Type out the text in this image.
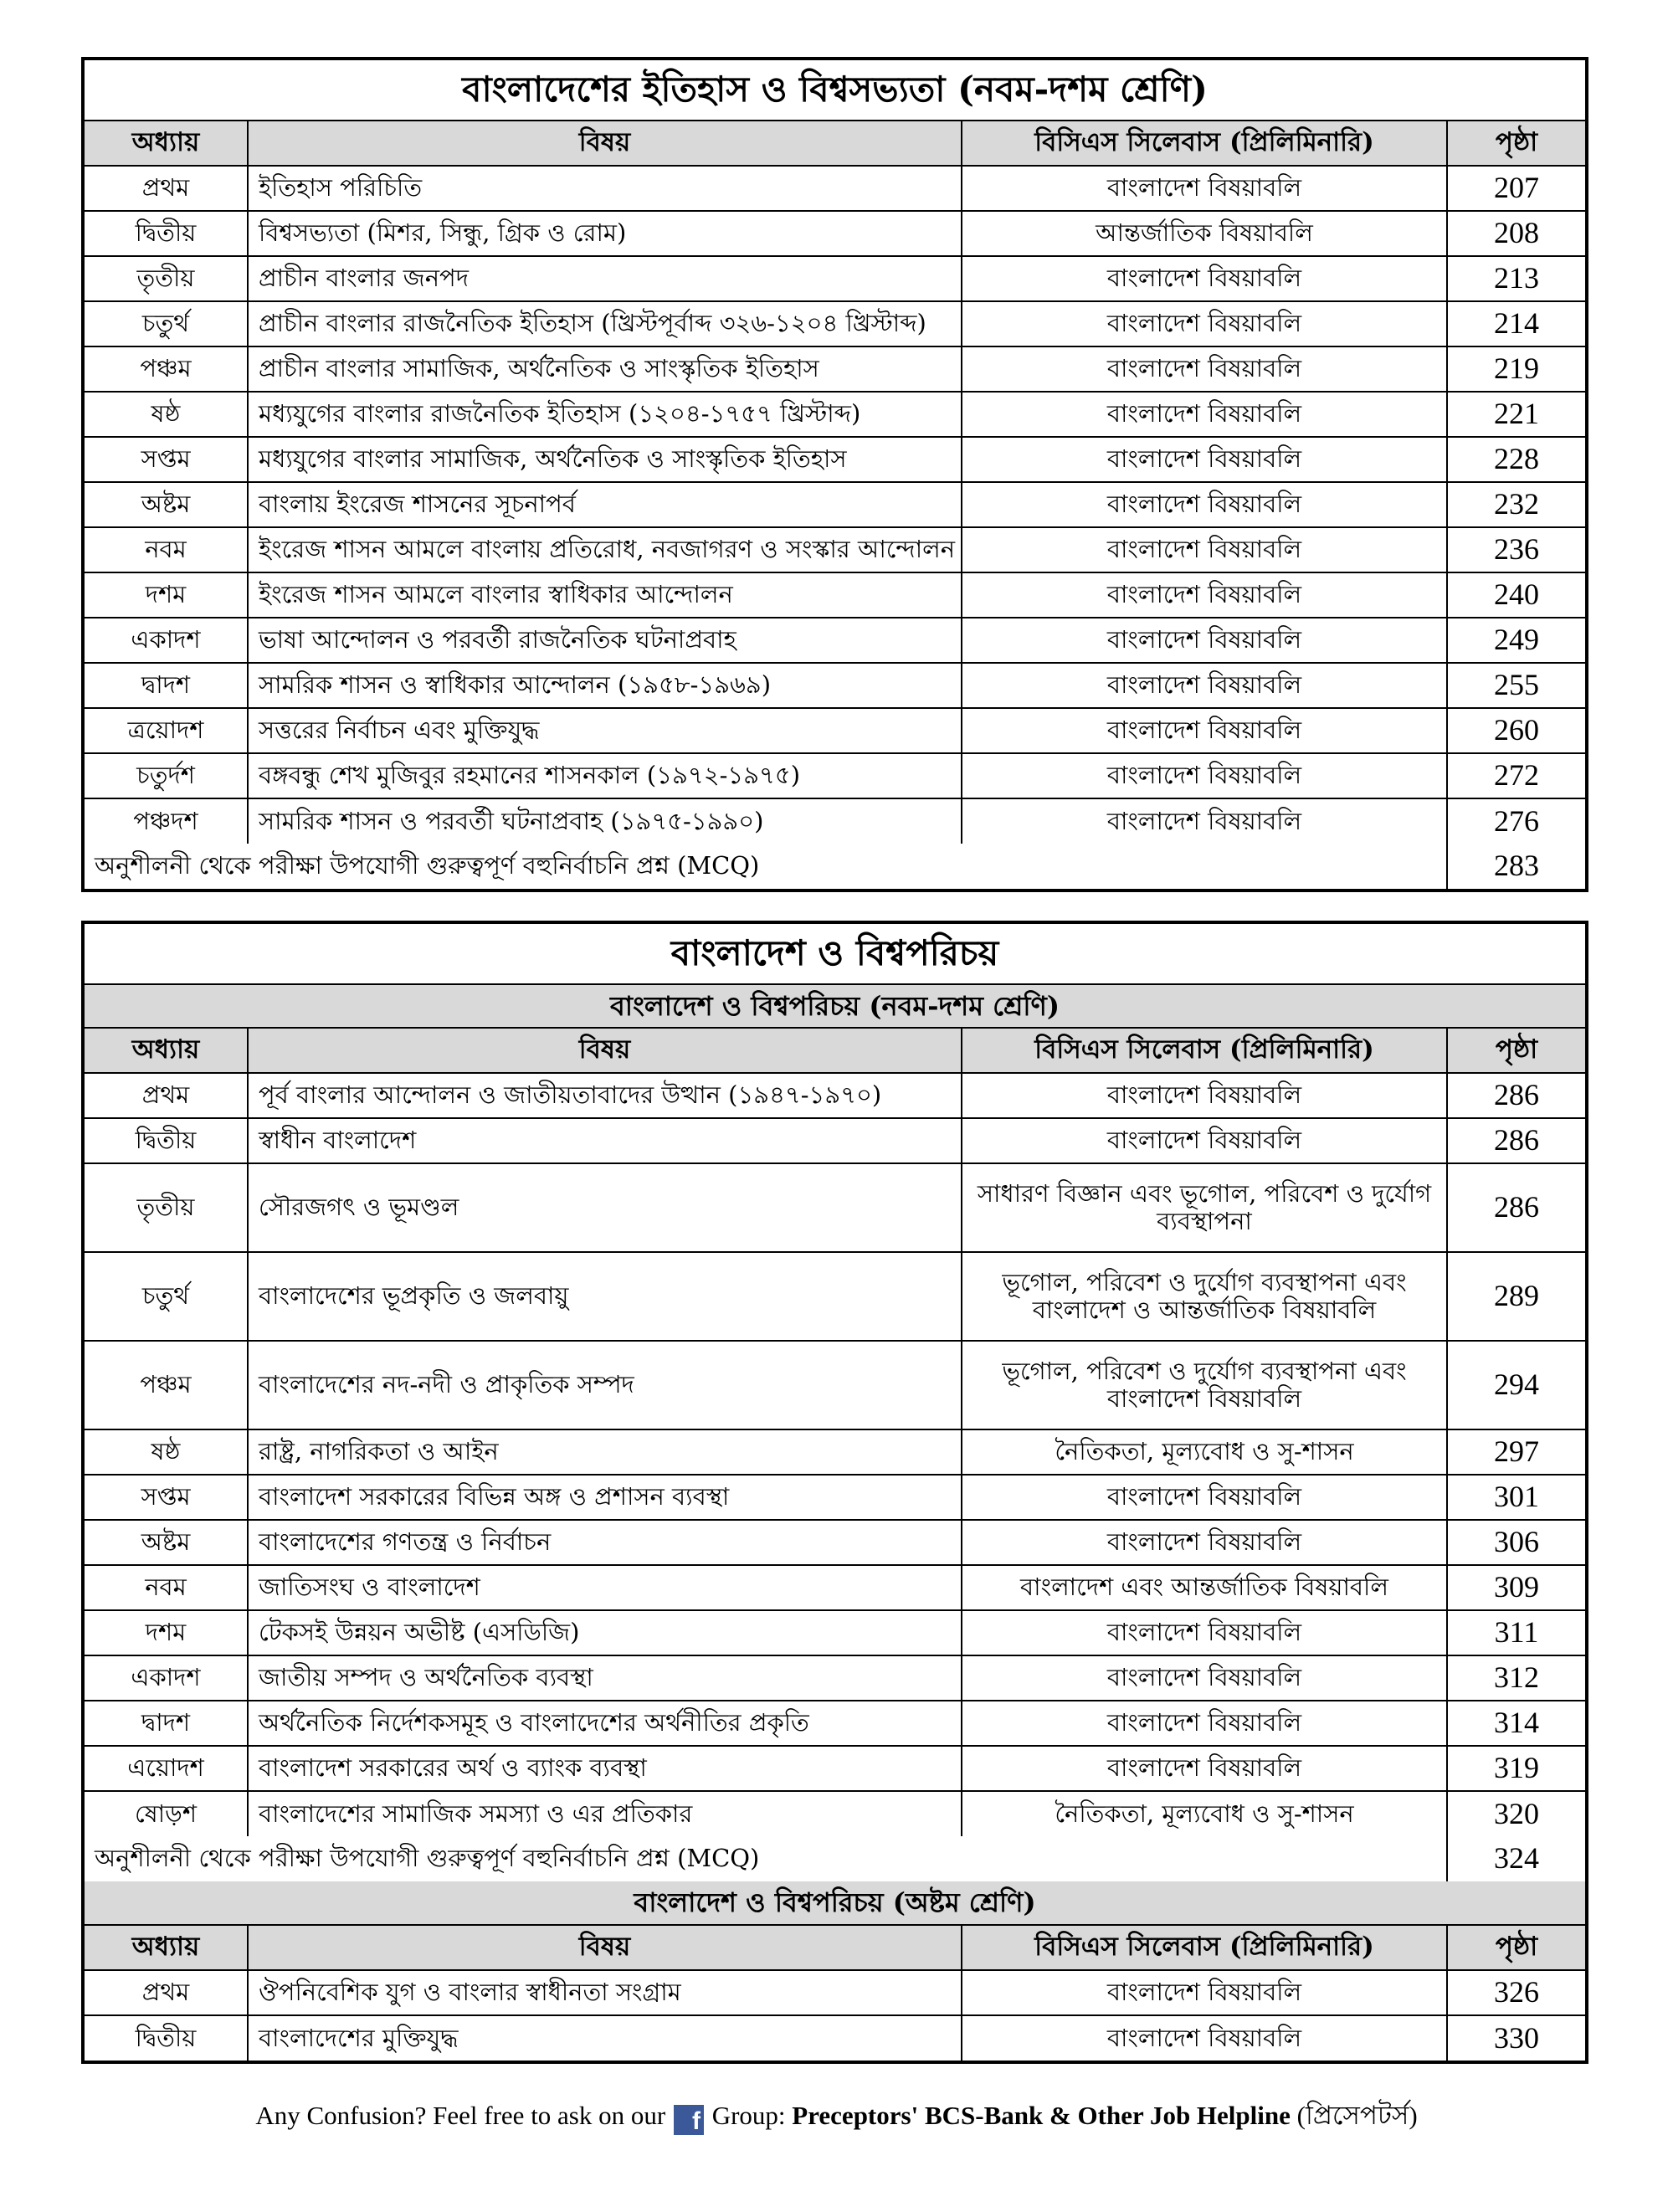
বাংলাদেশের ইতিহাস ও বিশ্বসভ্যতা (নবম-দশম শ্রেণি)			
অধ্যায়	বিষয়	বিসিএস সিলেবাস (প্রিলিমিনারি)	পৃষ্ঠা
প্রথম	ইতিহাস পরিচিতি	বাংলাদেশ বিষয়াবলি	207
দ্বিতীয়	বিশ্বসভ্যতা (মিশর, সিন্ধু, গ্রিক ও রোম)	আন্তর্জাতিক বিষয়াবলি	208
তৃতীয়	প্রাচীন বাংলার জনপদ	বাংলাদেশ বিষয়াবলি	213
চতুর্থ	প্রাচীন বাংলার রাজনৈতিক ইতিহাস (খ্রিস্টপূর্বাব্দ ৩২৬-১২০৪ খ্রিস্টাব্দ)	বাংলাদেশ বিষয়াবলি	214
পঞ্চম	প্রাচীন বাংলার সামাজিক, অর্থনৈতিক ও সাংস্কৃতিক ইতিহাস	বাংলাদেশ বিষয়াবলি	219
ষষ্ঠ	মধ্যযুগের বাংলার রাজনৈতিক ইতিহাস (১২০৪-১৭৫৭ খ্রিস্টাব্দ)	বাংলাদেশ বিষয়াবলি	221
সপ্তম	মধ্যযুগের বাংলার সামাজিক, অর্থনৈতিক ও সাংস্কৃতিক ইতিহাস	বাংলাদেশ বিষয়াবলি	228
অষ্টম	বাংলায় ইংরেজ শাসনের সূচনাপর্ব	বাংলাদেশ বিষয়াবলি	232
নবম	ইংরেজ শাসন আমলে বাংলায় প্রতিরোধ, নবজাগরণ ও সংস্কার আন্দোলন	বাংলাদেশ বিষয়াবলি	236
দশম	ইংরেজ শাসন আমলে বাংলার স্বাধিকার আন্দোলন	বাংলাদেশ বিষয়াবলি	240
একাদশ	ভাষা আন্দোলন ও পরবর্তী রাজনৈতিক ঘটনাপ্রবাহ	বাংলাদেশ বিষয়াবলি	249
দ্বাদশ	সামরিক শাসন ও স্বাধিকার আন্দোলন (১৯৫৮-১৯৬৯)	বাংলাদেশ বিষয়াবলি	255
ত্রয়োদশ	সত্তরের নির্বাচন এবং মুক্তিযুদ্ধ	বাংলাদেশ বিষয়াবলি	260
চতুর্দশ	বঙ্গবন্ধু শেখ মুজিবুর রহমানের শাসনকাল (১৯৭২-১৯৭৫)	বাংলাদেশ বিষয়াবলি	272
পঞ্চদশ	সামরিক শাসন ও পরবর্তী ঘটনাপ্রবাহ (১৯৭৫-১৯৯০)	বাংলাদেশ বিষয়াবলি	276
অনুশীলনী থেকে পরীক্ষা উপযোগী গুরুত্বপূর্ণ বহুনির্বাচনি প্রশ্ন (MCQ)			283
বাংলাদেশ ও বিশ্বপরিচয়			
বাংলাদেশ ও বিশ্বপরিচয় (নবম-দশম শ্রেণি)			
অধ্যায়	বিষয়	বিসিএস সিলেবাস (প্রিলিমিনারি)	পৃষ্ঠা
প্রথম	পূর্ব বাংলার আন্দোলন ও জাতীয়তাবাদের উত্থান (১৯৪৭-১৯৭০)	বাংলাদেশ বিষয়াবলি	286
দ্বিতীয়	স্বাধীন বাংলাদেশ	বাংলাদেশ বিষয়াবলি	286
তৃতীয়	সৌরজগৎ ও ভূমণ্ডল	সাধারণ বিজ্ঞান এবং ভূগোল, পরিবেশ ও দুর্যোগ ব্যবস্থাপনা	286
চতুর্থ	বাংলাদেশের ভূপ্রকৃতি ও জলবায়ু	ভূগোল, পরিবেশ ও দুর্যোগ ব্যবস্থাপনা এবং বাংলাদেশ ও আন্তর্জাতিক বিষয়াবলি	289
পঞ্চম	বাংলাদেশের নদ-নদী ও প্রাকৃতিক সম্পদ	ভূগোল, পরিবেশ ও দুর্যোগ ব্যবস্থাপনা এবং বাংলাদেশ বিষয়াবলি	294
ষষ্ঠ	রাষ্ট্র, নাগরিকতা ও আইন	নৈতিকতা, মূল্যবোধ ও সু-শাসন	297
সপ্তম	বাংলাদেশ সরকারের বিভিন্ন অঙ্গ ও প্রশাসন ব্যবস্থা	বাংলাদেশ বিষয়াবলি	301
অষ্টম	বাংলাদেশের গণতন্ত্র ও নির্বাচন	বাংলাদেশ বিষয়াবলি	306
নবম	জাতিসংঘ ও বাংলাদেশ	বাংলাদেশ এবং আন্তর্জাতিক বিষয়াবলি	309
দশম	টেকসই উন্নয়ন অভীষ্ট (এসডিজি)	বাংলাদেশ বিষয়াবলি	311
একাদশ	জাতীয় সম্পদ ও অর্থনৈতিক ব্যবস্থা	বাংলাদেশ বিষয়াবলি	312
দ্বাদশ	অর্থনৈতিক নির্দেশকসমূহ ও বাংলাদেশের অর্থনীতির প্রকৃতি	বাংলাদেশ বিষয়াবলি	314
এয়োদশ	বাংলাদেশ সরকারের অর্থ ও ব্যাংক ব্যবস্থা	বাংলাদেশ বিষয়াবলি	319
ষোড়শ	বাংলাদেশের সামাজিক সমস্যা ও এর প্রতিকার	নৈতিকতা, মূল্যবোধ ও সু-শাসন	320
অনুশীলনী থেকে পরীক্ষা উপযোগী গুরুত্বপূর্ণ বহুনির্বাচনি প্রশ্ন (MCQ)			324
বাংলাদেশ ও বিশ্বপরিচয় (অষ্টম শ্রেণি)			
অধ্যায়	বিষয়	বিসিএস সিলেবাস (প্রিলিমিনারি)	পৃষ্ঠা
প্রথম	ঔপনিবেশিক যুগ ও বাংলার স্বাধীনতা সংগ্রাম	বাংলাদেশ বিষয়াবলি	326
দ্বিতীয়	বাংলাদেশের মুক্তিযুদ্ধ	বাংলাদেশ বিষয়াবলি	330
Any Confusion? Feel free to ask on our f Group: Preceptors' BCS-Bank & Other Job Helpline (প্রিসেপটর্স)
